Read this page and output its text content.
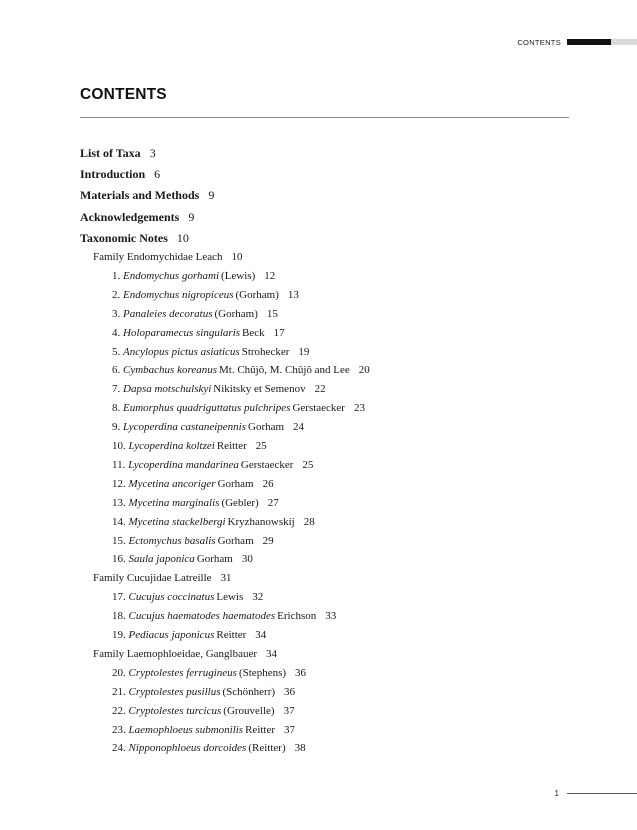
CONTENTS
CONTENTS
List of Taxa 3
Introduction 6
Materials and Methods 9
Acknowledgements 9
Taxonomic Notes 10
Family Endomychidae Leach 10
1. Endomychus gorhami (Lewis) 12
2. Endomychus nigropiceus (Gorham) 13
3. Panaleies decoratus (Gorham) 15
4. Holoparamecus singularis Beck 17
5. Ancylopus pictus asiaticus Strohecker 19
6. Cymbachus koreanus Mt. Chûjô, M. Chûjô and Lee 20
7. Dapsa motschulskyi Nikitsky et Semenov 22
8. Eumorphus quadriguttatus pulchripes Gerstaecker 23
9. Lycoperdina castaneipennis Gorham 24
10. Lycoperdina koltzei Reitter 25
11. Lycoperdina mandarinea Gerstaecker 25
12. Mycetina ancoriger Gorham 26
13. Mycetina marginalis (Gebler) 27
14. Mycetina stackelbergi Kryzhanowskij 28
15. Ectomychus basalis Gorham 29
16. Saula japonica Gorham 30
Family Cucujidae Latreille 31
17. Cucujus coccinatus Lewis 32
18. Cucujus haematodes haematodes Erichson 33
19. Pediacus japonicus Reitter 34
Family Laemophloeidae, Ganglbauer 34
20. Cryptolestes ferrugineus (Stephens) 36
21. Cryptolestes pusillus (Schönherr) 36
22. Cryptolestes turcicus (Grouvelle) 37
23. Laemophloeus submonilis Reitter 37
24. Nipponophloeus dorcoides (Reitter) 38
1
